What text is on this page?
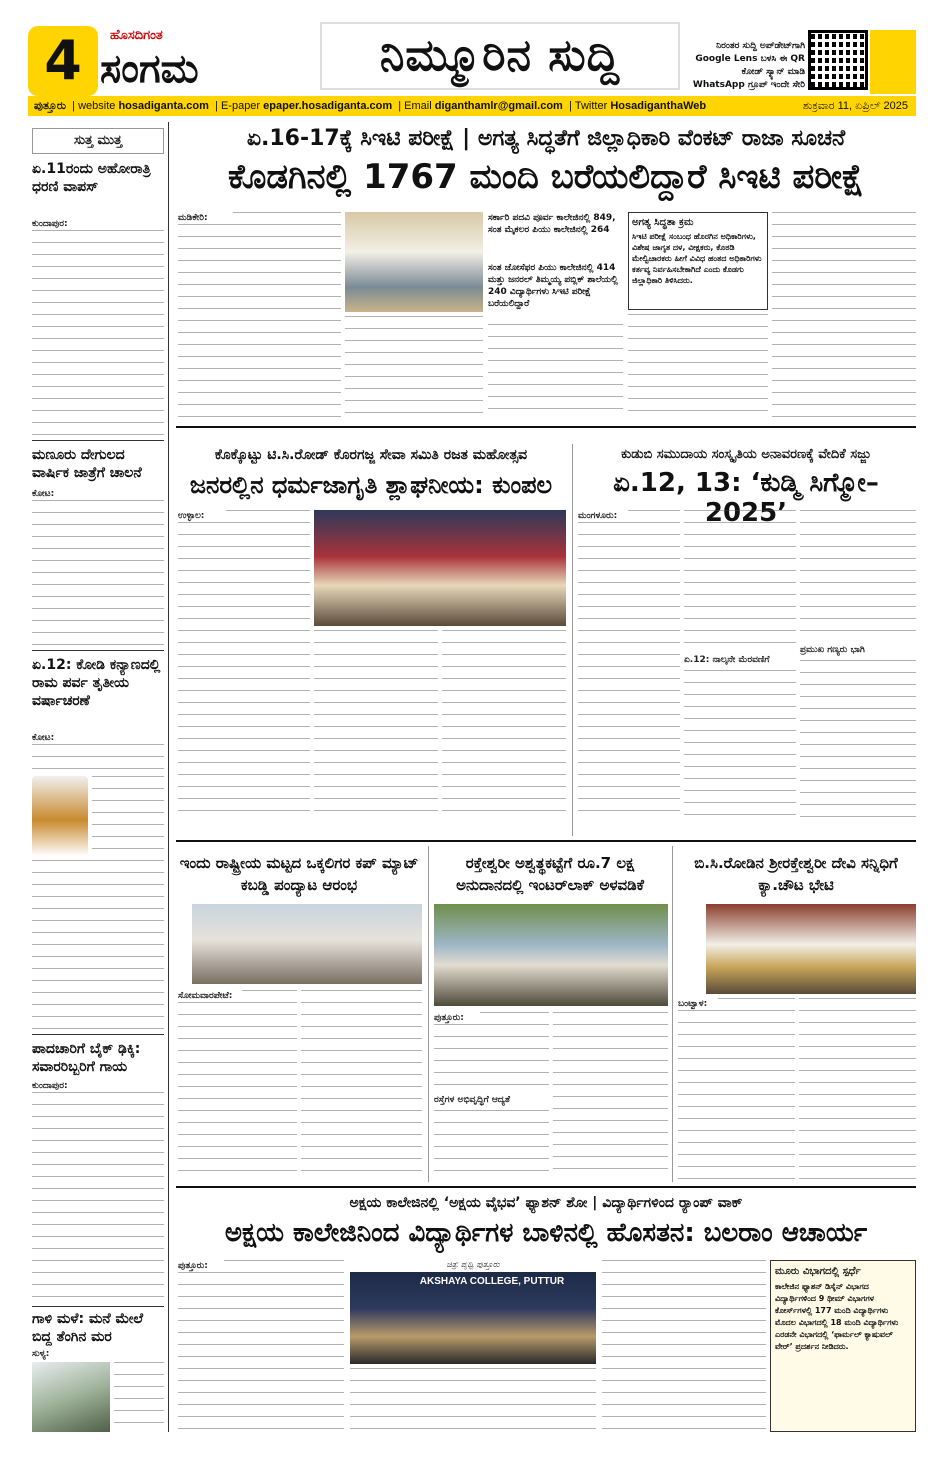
4	ಹೊಸದಿಗಂತ
ಸಂಗಮ	ನಿಮ್ಮೂರಿನ ಸುದ್ದಿ	ನಿರಂತರ ಸುದ್ದಿ ಅಪ್‌ಡೇಟ್‌ಗಾಗಿ Google Lens ಬಳಸಿ ಈ QR ಕೋಡ್ ಸ್ಕ್ಯಾನ್ ಮಾಡಿ WhatsApp ಗ್ರೂಪ್ ಇಂದೇ ಸೇರಿ
ಪುತ್ತೂರು  | website hosadiganta.com  | E-paper epaper.hosadiganta.com  | Email diganthamlr@gmail.com  | Twitter HosadiganthaWeb	ಶುಕ್ರವಾರ 11, ಏಪ್ರಿಲ್ 2025
ಸುತ್ತ ಮುತ್ತ
ಏ.11ರಂದು ಅಹೋರಾತ್ರಿ ಧರಣಿ ವಾಪಸ್
ಕುಂದಾಪುರ:
ಮಣೂರು ದೇಗುಲದ ವಾರ್ಷಿಕ ಜಾತ್ರೆಗೆ ಚಾಲನೆ
ಕೋಟ:
ಏ.12: ಕೋಡಿ ಕನ್ಯಾಣದಲ್ಲಿ ರಾಮ ಪರ್ವ ತೃತೀಯ ವರ್ಷಾಚರಣೆ
ಕೋಟ:
ಪಾದಚಾರಿಗೆ ಬೈಕ್ ಢಿಕ್ಕಿ: ಸವಾರರಿಬ್ಬರಿಗೆ ಗಾಯ
ಕುಂದಾಪುರ:
ಗಾಳಿ ಮಳೆ: ಮನೆ ಮೇಲೆ ಬಿದ್ದ ತೆಂಗಿನ ಮರ
ಸುಳ್ಯ:
ಏ.16-17ಕ್ಕೆ ಸಿಇಟಿ ಪರೀಕ್ಷೆ | ಅಗತ್ಯ ಸಿದ್ಧತೆಗೆ ಜಿಲ್ಲಾಧಿಕಾರಿ ವೆಂಕಟ್ ರಾಜಾ ಸೂಚನೆ
ಕೊಡಗಿನಲ್ಲಿ 1767 ಮಂದಿ ಬರೆಯಲಿದ್ದಾರೆ ಸಿಇಟಿ ಪರೀಕ್ಷೆ
ಮಡಿಕೇರಿ:	ಸರ್ಕಾರಿ ಪದವಿ ಪೂರ್ವ ಕಾಲೇಜಿನಲ್ಲಿ 849, ಸಂತ ಮೈಕಲರ ಪಿಯು ಕಾಲೇಜಿನಲ್ಲಿ 264
ಸಂತ ಜೋಸೆಫರ ಪಿಯು ಕಾಲೇಜಿನಲ್ಲಿ 414 ಮತ್ತು ಜನರಲ್ ತಿಮ್ಮಯ್ಯ ಪಬ್ಲಿಕ್ ಶಾಲೆಯಲ್ಲಿ 240 ವಿದ್ಯಾರ್ಥಿಗಳು ಸಿಇಟಿ ಪರೀಕ್ಷೆ ಬರೆಯಲಿದ್ದಾರೆ
ಅಗತ್ಯ ಸಿದ್ಧತಾ ಕ್ರಮ
ಸಿಇಟಿ ಪರೀಕ್ಷೆ ಸಂಬಂಧ ಹೊರಗಿನ ಅಧಿಕಾರಿಗಳು, ವಿಶೇಷ ಜಾಗೃತ ದಳ, ವೀಕ್ಷಕರು, ಕೊಠಡಿ ಮೇಲ್ವಿಚಾರಕರು ಹೀಗೆ ವಿವಿಧ ಹಂತದ ಅಧಿಕಾರಿಗಳು ಕರ್ತವ್ಯ ನಿರ್ವಹಿಸಬೇಕಾಗಿದೆ ಎಂದು ಕೊಡಗು ಜಿಲ್ಲಾಧಿಕಾರಿ ತಿಳಿಸಿದರು.
ಕೊಕ್ಕೊಟ್ಟು ಟಿ.ಸಿ.ರೋಡ್ ಕೊರಗಜ್ಜ ಸೇವಾ ಸಮಿತಿ ರಜತ ಮಹೋತ್ಸವ
ಜನರಲ್ಲಿನ ಧರ್ಮಜಾಗೃತಿ ಶ್ಲಾಘನೀಯ: ಕುಂಪಲ
ಉಳ್ಳಾಲ:
ಕುಡುಬಿ ಸಮುದಾಯ ಸಂಸ್ಕೃತಿಯ ಅನಾವರಣಕ್ಕೆ ವೇದಿಕೆ ಸಜ್ಜು
ಏ.12, 13: ‘ಕುಡ್ಮಿ ಸಿಗ್ಮೋ–2025’
ಮಂಗಳೂರು:
ಏ.12: ನಾಲ್ಕನೇ ಮೆರವಣಿಗೆ
ಪ್ರಮುಖ ಗಣ್ಯರು ಭಾಗಿ
ಇಂದು ರಾಷ್ಟ್ರೀಯ ಮಟ್ಟದ ಒಕ್ಕಲಿಗರ ಕಪ್ ಮ್ಯಾಟ್ ಕಬಡ್ಡಿ ಪಂದ್ಯಾಟ ಆರಂಭ
ಸೋಮವಾರಪೇಟೆ:
ರಕ್ತೇಶ್ವರೀ ಅಶ್ವತ್ಥಕಟ್ಟೆಗೆ ರೂ.7 ಲಕ್ಷ ಅನುದಾನದಲ್ಲಿ ಇಂಟರ್‌ಲಾಕ್ ಅಳವಡಿಕೆ
ಪುತ್ತೂರು:
ರಸ್ತೆಗಳ ಅಭಿವೃದ್ಧಿಗೆ ಆದ್ಯತೆ
ಬಿ.ಸಿ.ರೋಡಿನ ಶ್ರೀರಕ್ತೇಶ್ವರೀ ದೇವಿ ಸನ್ನಿಧಿಗೆ ಕ್ಯಾ.ಚೌಟ ಭೇಟಿ
ಬಂಟ್ವಾಳ:
ಅಕ್ಷಯ ಕಾಲೇಜಿನಲ್ಲಿ ‘ಅಕ್ಷಯ ವೈಭವ’ ಫ್ಯಾಶನ್ ಶೋ | ವಿದ್ಯಾರ್ಥಿಗಳಿಂದ ರ‍್ಯಾಂಪ್ ವಾಕ್
ಅಕ್ಷಯ ಕಾಲೇಜಿನಿಂದ ವಿದ್ಯಾರ್ಥಿಗಳ ಬಾಳಿನಲ್ಲಿ ಹೊಸತನ: ಬಲರಾಂ ಆಚಾರ್ಯ
ಪುತ್ತೂರು:	ಚಿತ್ರ: ಪೃಥ್ವಿ ಪುತ್ತೂರು
AKSHAYA COLLEGE, PUTTUR
ಮೂರು ವಿಭಾಗದಲ್ಲಿ ಸ್ಪರ್ಧೆ
ಕಾಲೇಜಿನ ಫ್ಯಾಶನ್ ಡಿಸೈನ್ ವಿಭಾಗದ ವಿದ್ಯಾರ್ಥಿಗಳಿಂದ 9 ಥೀಮ್ ವಿಭಾಗಗಳ ಕೋರ್ಸ್‌ಗಳಲ್ಲಿ 177 ಮಂದಿ ವಿದ್ಯಾರ್ಥಿಗಳು ಮೊದಲ ವಿಭಾಗದಲ್ಲಿ 18 ಮಂದಿ ವಿದ್ಯಾರ್ಥಿಗಳು ಎರಡನೇ ವಿಭಾಗದಲ್ಲಿ ‘ಫಾರ್ಮಲ್ ಕ್ಯಾಷುವಲ್ ವೇರ್’ ಪ್ರದರ್ಶನ ನೀಡಿದರು.
